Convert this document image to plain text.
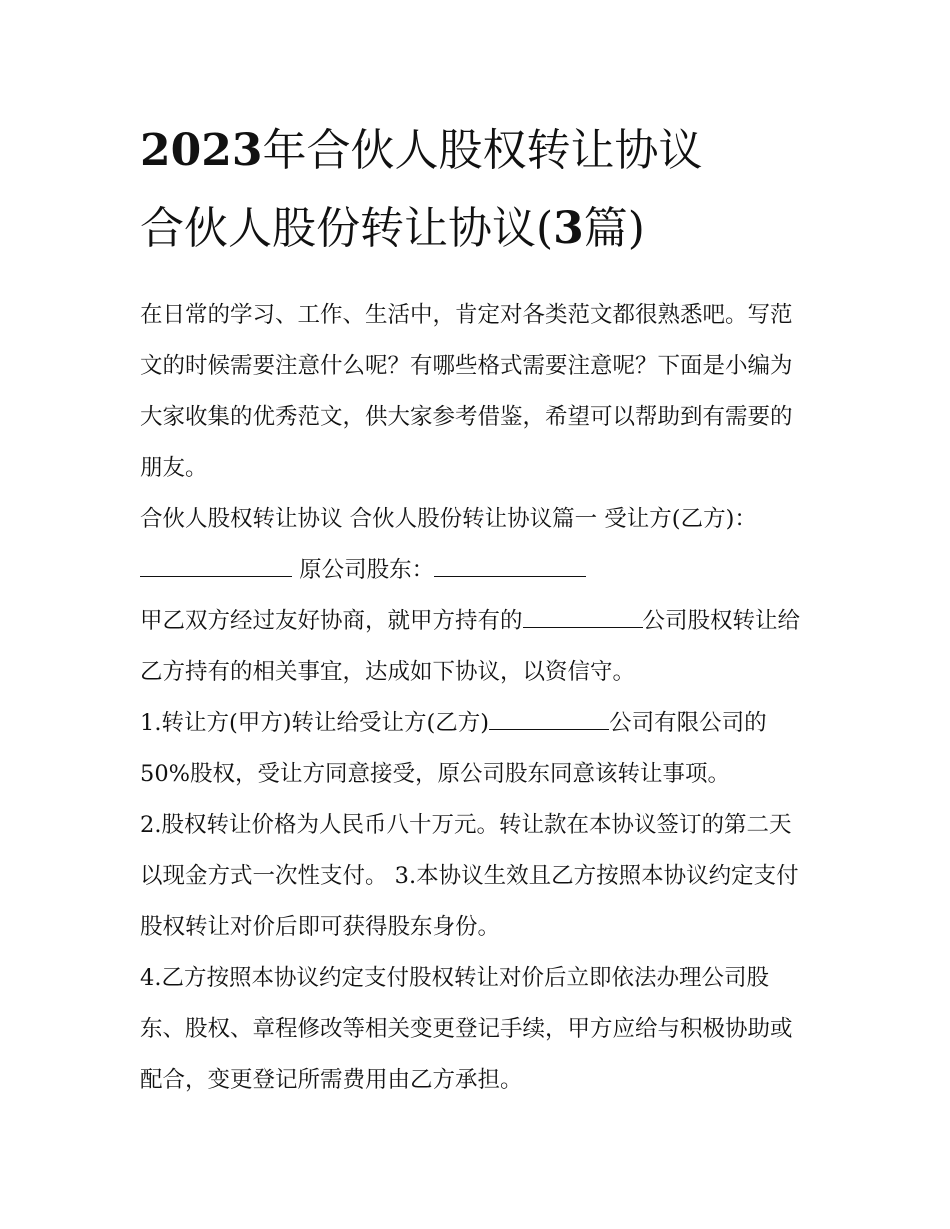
2023年合伙人股权转让协议
合伙人股份转让协议(3篇)

在日常的学习、工作、生活中，肯定对各类范文都很熟悉吧。写范文的时候需要注意什么呢？有哪些格式需要注意呢？下面是小编为大家收集的优秀范文，供大家参考借鉴，希望可以帮助到有需要的朋友。

合伙人股权转让协议 合伙人股份转让协议篇一 受让方(乙方)： 原公司股东：

甲乙双方经过友好协商，就甲方持有的	公司股权转让给乙方持有的相关事宜，达成如下协议，以资信守。

1.转让方(甲方)转让给受让方(乙方)	公司有限公司的50%股权，受让方同意接受，原公司股东同意该转让事项。

2.股权转让价格为人民币八十万元。转让款在本协议签订的第二天以现金方式一次性支付。 3.本协议生效且乙方按照本协议约定支付股权转让对价后即可获得股东身份。

4.乙方按照本协议约定支付股权转让对价后立即依法办理公司股东、股权、章程修改等相关变更登记手续，甲方应给与积极协助或配合，变更登记所需费用由乙方承担。
